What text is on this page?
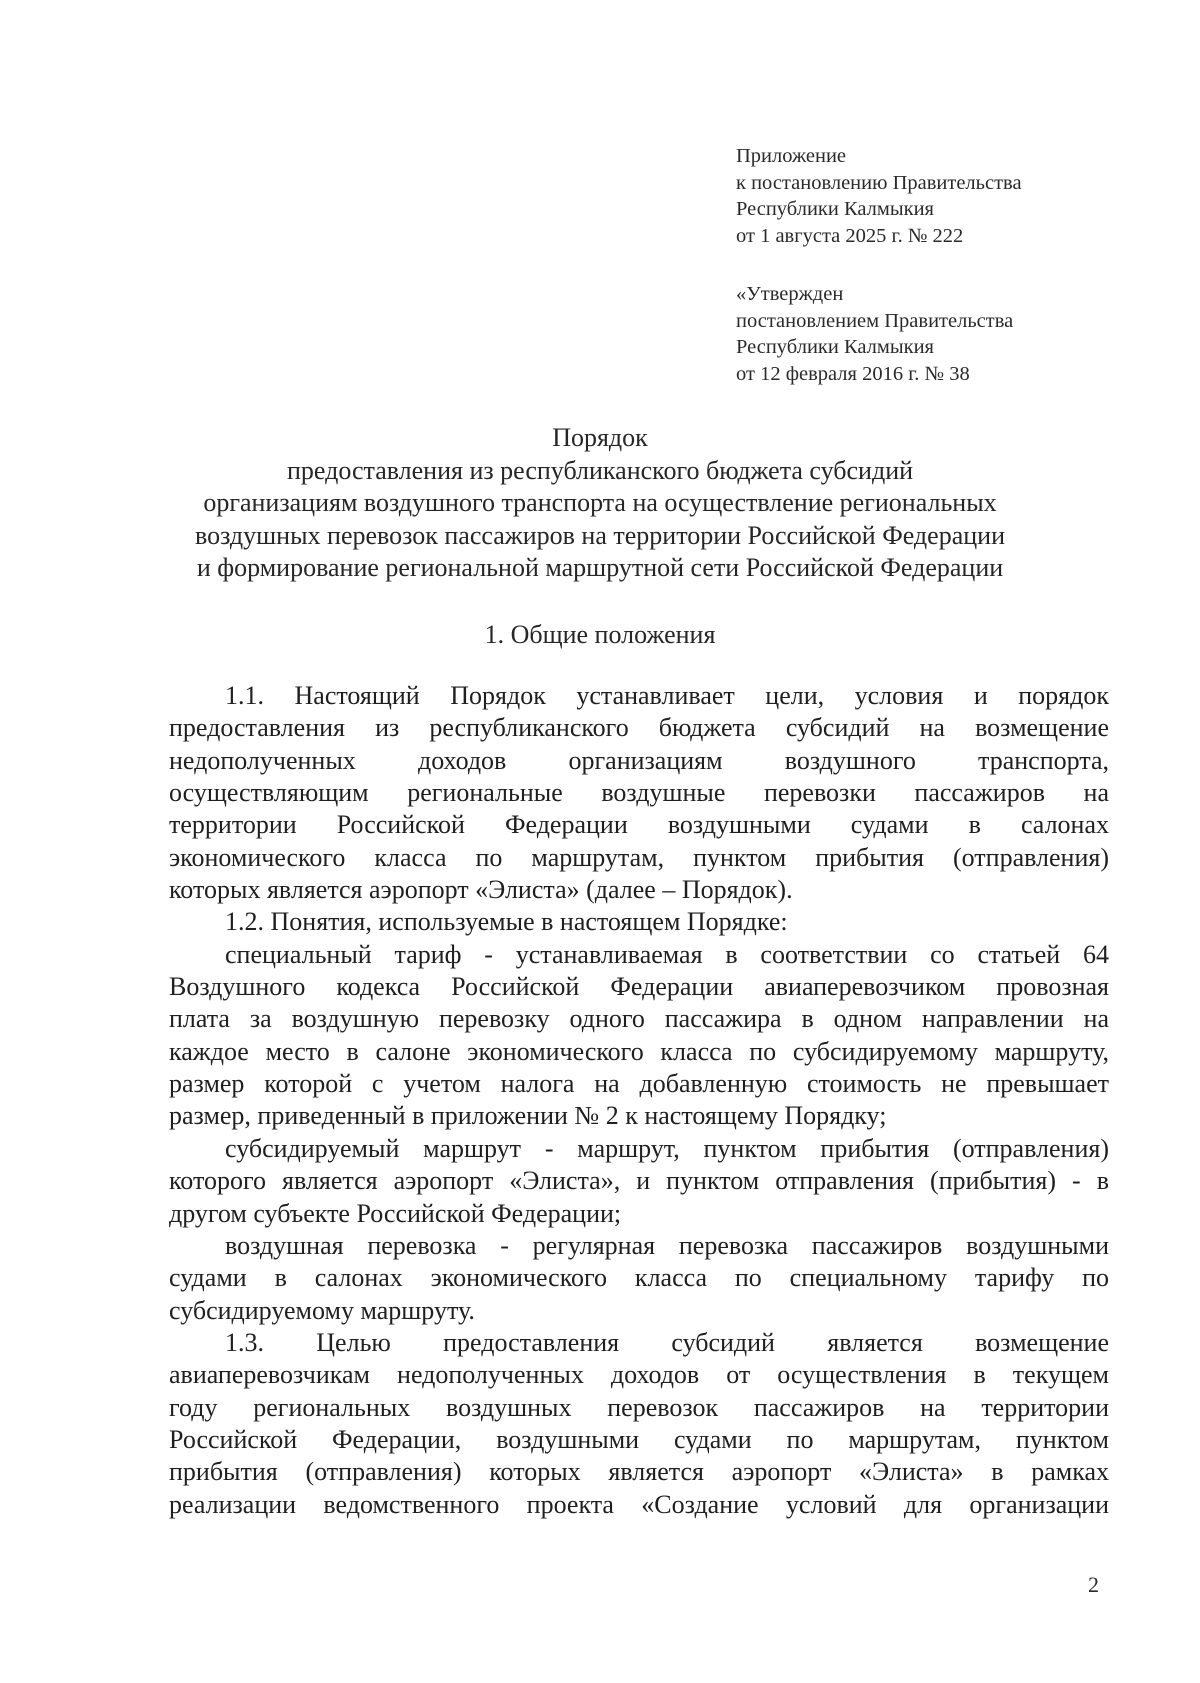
Приложение
к постановлению Правительства
Республики Калмыкия
от 1 августа 2025 г. № 222
«Утвержден
постановлением Правительства
Республики Калмыкия
от 12 февраля 2016 г. № 38
Порядок
предоставления из республиканского бюджета субсидий
организациям воздушного транспорта на осуществление региональных
воздушных перевозок пассажиров на территории Российской Федерации
и формирование региональной маршрутной сети Российской Федерации
1. Общие положения
1.1. Настоящий Порядок устанавливает цели, условия и порядок
предоставления из республиканского бюджета субсидий на возмещение
недополученных доходов организациям воздушного транспорта,
осуществляющим региональные воздушные перевозки пассажиров на
территории Российской Федерации воздушными судами в салонах
экономического класса по маршрутам, пунктом прибытия (отправления)
которых является аэропорт «Элиста» (далее – Порядок).
1.2. Понятия, используемые в настоящем Порядке:
специальный тариф - устанавливаемая в соответствии со статьей 64
Воздушного кодекса Российской Федерации авиаперевозчиком провозная
плата за воздушную перевозку одного пассажира в одном направлении на
каждое место в салоне экономического класса по субсидируемому маршруту,
размер которой с учетом налога на добавленную стоимость не превышает
размер, приведенный в приложении № 2 к настоящему Порядку;
субсидируемый маршрут - маршрут, пунктом прибытия (отправления)
которого является аэропорт «Элиста», и пунктом отправления (прибытия) - в
другом субъекте Российской Федерации;
воздушная перевозка - регулярная перевозка пассажиров воздушными
судами в салонах экономического класса по специальному тарифу по
субсидируемому маршруту.
1.3. Целью предоставления субсидий является возмещение
авиаперевозчикам недополученных доходов от осуществления в текущем
году региональных воздушных перевозок пассажиров на территории
Российской Федерации, воздушными судами по маршрутам, пунктом
прибытия (отправления) которых является аэропорт «Элиста» в рамках
реализации ведомственного проекта «Создание условий для организации
2
